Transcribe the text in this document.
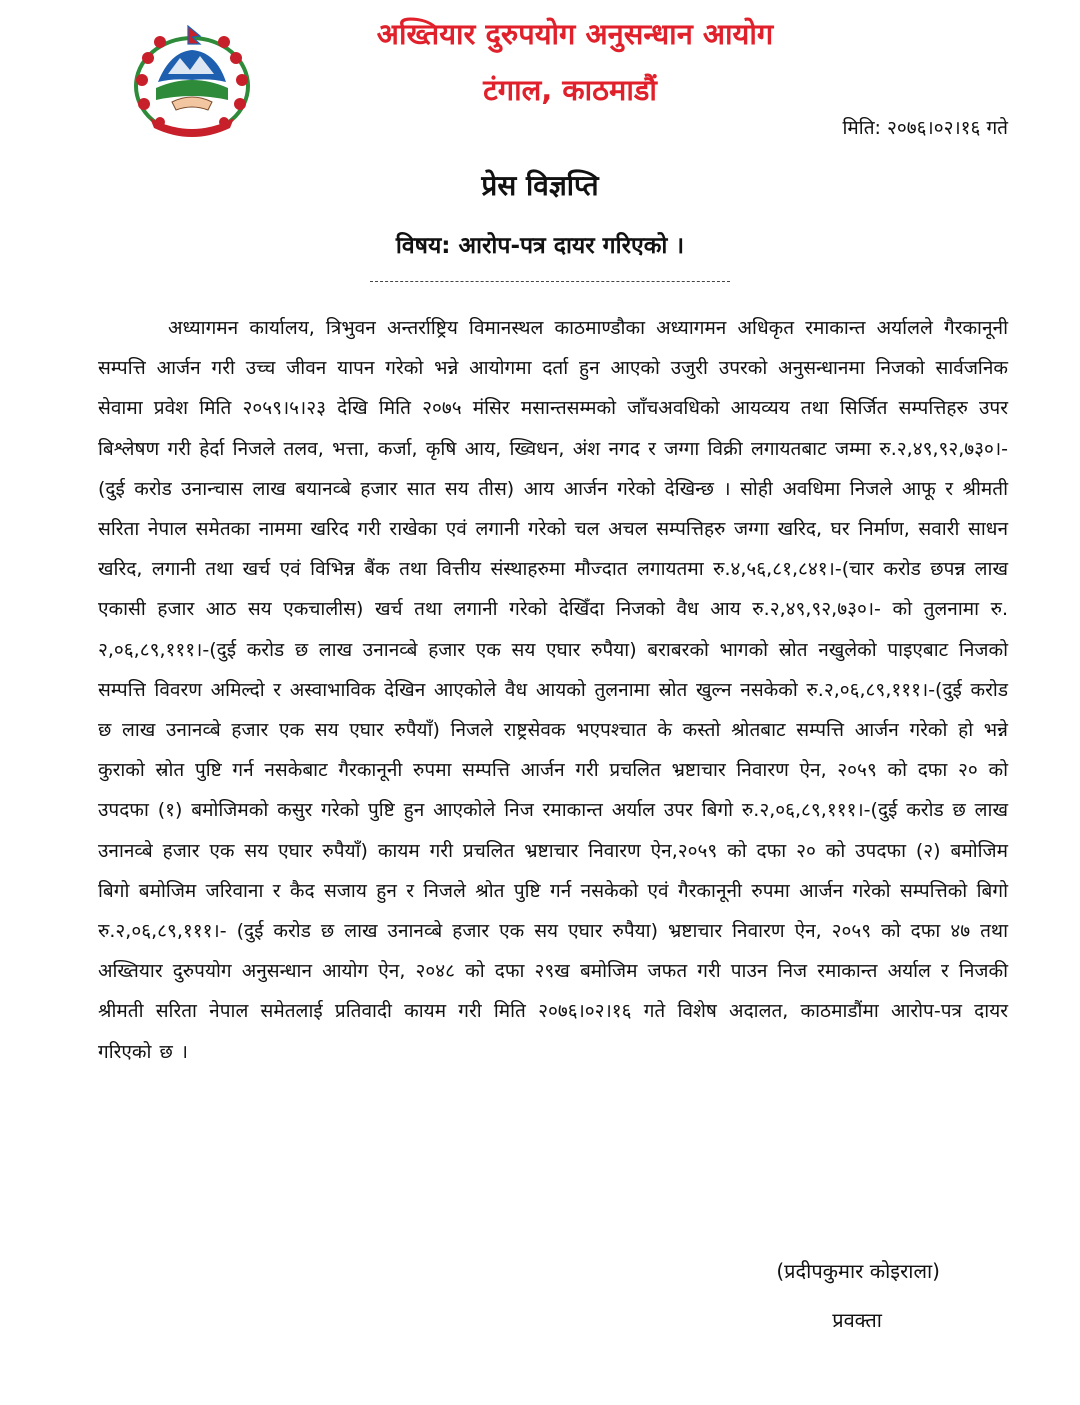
अख्तियार दुरुपयोग अनुसन्धान आयोग
टंगाल, काठमाडौं
मिति: २०७६।०२।१६ गते
प्रेस विज्ञप्ति
विषय: आरोप-पत्र दायर गरिएको ।

अध्यागमन कार्यालय, त्रिभुवन अन्तर्राष्ट्रिय विमानस्थल काठमाण्डौका अध्यागमन अधिकृत रमाकान्त अर्यालले गैरकानूनी सम्पत्ति आर्जन गरी उच्च जीवन यापन गरेको भन्ने आयोगमा दर्ता हुन आएको उजुरी उपरको अनुसन्धानमा निजको सार्वजनिक सेवामा प्रवेश मिति २०५९।५।२३ देखि मिति २०७५ मंसिर मसान्तसम्मको जाँचअवधिको आयव्यय तथा सिर्जित सम्पत्तिहरु उपर बिश्लेषण गरी हेर्दा निजले तलव, भत्ता, कर्जा, कृषि आय, ख्विधन, अंश नगद र जग्गा विक्री लगायतबाट जम्मा रु.२,४९,९२,७३०।- (दुई करोड उनान्चास लाख बयानव्बे हजार सात सय तीस) आय आर्जन गरेको देखिन्छ । सोही अवधिमा निजले आफू र श्रीमती सरिता नेपाल समेतका नाममा खरिद गरी राखेका एवं लगानी गरेको चल अचल सम्पत्तिहरु जग्गा खरिद, घर निर्माण, सवारी साधन खरिद, लगानी तथा खर्च एवं विभिन्न बैंक तथा वित्तीय संस्थाहरुमा मौज्दात लगायतमा रु.४,५६,८१,८४१।-(चार करोड छपन्न लाख एकासी हजार आठ सय एकचालीस) खर्च तथा लगानी गरेको देखिँदा निजको वैध आय रु.२,४९,९२,७३०।- को तुलनामा रु. २,०६,८९,१११।-(दुई करोड छ लाख उनानव्बे हजार एक सय एघार रुपैया) बराबरको भागको स्रोत नखुलेको पाइएबाट निजको सम्पत्ति विवरण अमिल्दो र अस्वाभाविक देखिन आएकोले वैध आयको तुलनामा स्रोत खुल्न नसकेको रु.२,०६,८९,१११।-(दुई करोड छ लाख उनानव्बे हजार एक सय एघार रुपैयाँ) निजले राष्ट्रसेवक भएपश्चात के कस्तो श्रोतबाट सम्पत्ति आर्जन गरेको हो भन्ने कुराको स्रोत पुष्टि गर्न नसकेबाट गैरकानूनी रुपमा सम्पत्ति आर्जन गरी प्रचलित भ्रष्टाचार निवारण ऐन, २०५९ को दफा २० को उपदफा (१) बमोजिमको कसुर गरेको पुष्टि हुन आएकोले निज रमाकान्त अर्याल उपर बिगो रु.२,०६,८९,१११।-(दुई करोड छ लाख उनानव्बे हजार एक सय एघार रुपैयाँ) कायम गरी प्रचलित भ्रष्टाचार निवारण ऐन,२०५९ को दफा २० को उपदफा (२) बमोजिम बिगो बमोजिम जरिवाना र कैद सजाय हुन र निजले श्रोत पुष्टि गर्न नसकेको एवं गैरकानूनी रुपमा आर्जन गरेको सम्पत्तिको बिगो रु.२,०६,८९,१११।- (दुई करोड छ लाख उनानव्बे हजार एक सय एघार रुपैया) भ्रष्टाचार निवारण ऐन, २०५९ को दफा ४७ तथा अख्तियार दुरुपयोग अनुसन्धान आयोग ऐन, २०४८ को दफा २९ख बमोजिम जफत गरी पाउन निज रमाकान्त अर्याल र निजकी श्रीमती सरिता नेपाल समेतलाई प्रतिवादी कायम गरी मिति २०७६।०२।१६ गते विशेष अदालत, काठमाडौंमा आरोप-पत्र दायर गरिएको छ ।

(प्रदीपकुमार कोइराला)
प्रवक्ता
